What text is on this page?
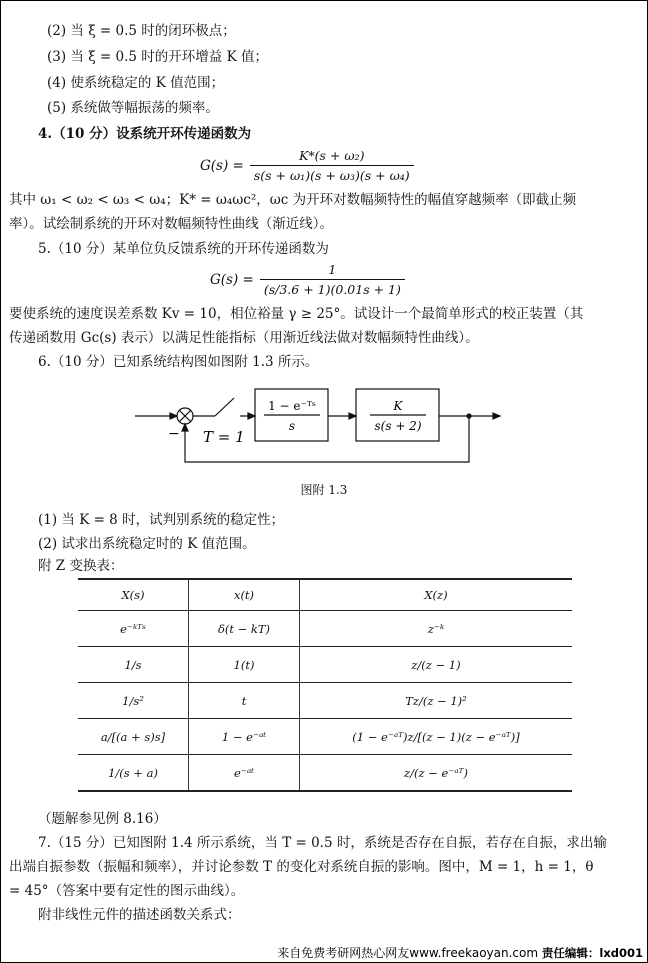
(2) 当 ξ = 0.5 时的闭环极点；
(3) 当 ξ = 0.5 时的开环增益 K 值；
(4) 使系统稳定的 K 值范围；
(5) 系统做等幅振荡的频率。
4.（10 分）设系统开环传递函数为
$G(s) = \frac{\text{K*(s + ω₂)}}{\text{s(s + ω₁)(s + ω₃)(s + ω₄)}}$
其中 ω₁ < ω₂ < ω₃ < ω₄；K* = ω₄ωc²，ωc 为开环对数幅频特性的幅值穿越频率（即截止频
率）。试绘制系统的开环对数幅频特性曲线（渐近线）。
5.（10 分）某单位负反馈系统的开环传递函数为
$G(s) = \frac{1}{(s/3.6 + 1)(0.01s + 1)}$
要使系统的速度误差系数 Kv = 10，相位裕量 γ ≥ 25°。试设计一个最简单形式的校正装置（其
传递函数用 Gc(s) 表示）以满足性能指标（用渐近线法做对数幅频特性曲线）。
6.（10 分）已知系统结构图如图附 1.3 所示。
T = 1
−
1 − e⁻ᵀˢ
s
K
s(s + 2)
图附 1.3
(1) 当 K = 8 时，试判别系统的稳定性；
(2) 试求出系统稳定时的 K 值范围。
附 Z 变换表：
X(s)	x(t)	X(z)
e⁻ᵏᵀˢ	δ(t − kT)	z⁻ᵏ
1/s	1(t)	z/(z − 1)
1/s²	t	Tz/(z − 1)²
a/[(a + s)s]	1 − e⁻ᵃᵗ	(1 − e⁻ᵃᵀ)z/[(z − 1)(z − e⁻ᵃᵀ)]
1/(s + a)	e⁻ᵃᵗ	z/(z − e⁻ᵃᵀ)
（题解参见例 8.16）
7.（15 分）已知图附 1.4 所示系统，当 T = 0.5 时，系统是否存在自振，若存在自振，求出输
出端自振参数（振幅和频率），并讨论参数 T 的变化对系统自振的影响。图中，M = 1，h = 1，θ
= 45°（答案中要有定性的图示曲线）。
附非线性元件的描述函数关系式：
来自免费考研网热心网友www.freekaoyan.com 责任编辑：lxd001
